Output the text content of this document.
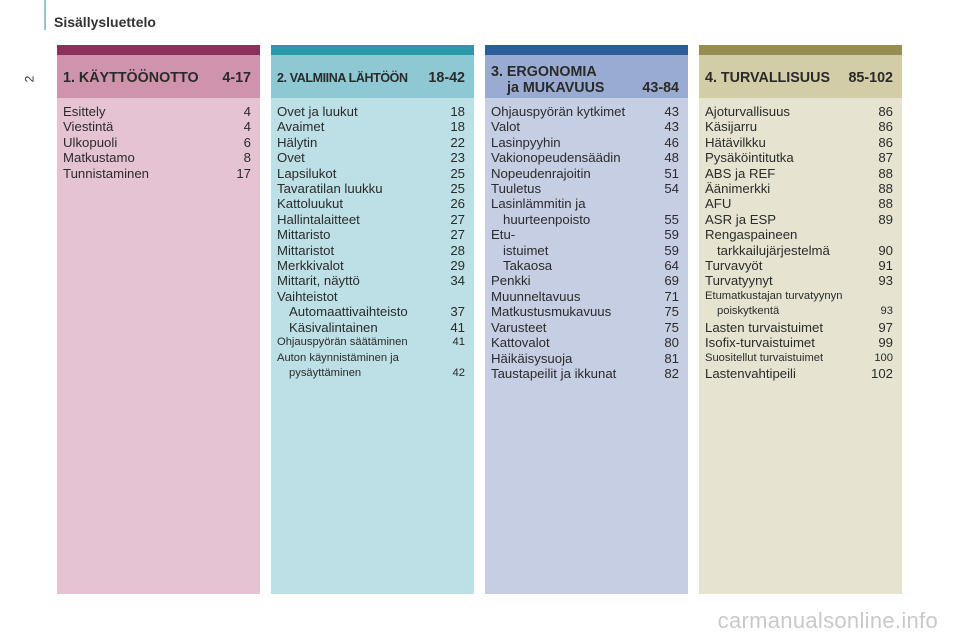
Sisällysluettelo
2 1. KÄYTTÖÖNOTTO 4-17
Esittely	4
Viestintä	4
Ulkopuoli	6
Matkustamo	8
Tunnistaminen	17
2. VALMIINA LÄHTÖÖN 18-42
Ovet ja luukut	18
Avaimet	18
Hälytin	22
Ovet	23
Lapsilukot	25
Tavaratilan luukku	25
Kattoluukut	26
Hallintalaitteet	27
Mittaristo	27
Mittaristot	28
Merkkivalot	29
Mittarit, näyttö	34
Vaihteistot
Automaattivaihteisto	37
Käsivalintainen	41
Ohjauspyörän säätäminen	41
Auton käynnistäminen ja
pysäyttäminen	42
3. ERGONOMIA
ja MUKAVUUS	43-84
Ohjauspyörän kytkimet	43
Valot	43
Lasinpyyhin	46
Vakionopeudensäädin	48
Nopeudenrajoitin	51
Tuuletus	54
Lasinlämmitin ja
huurteenpoisto	55
Etu-	59
istuimet	59
Takaosa	64
Penkki	69
Muunneltavuus	71
Matkustusmukavuus	75
Varusteet	75
Kattovalot	80
Häikäisysuoja	81
Taustapeilit ja ikkunat	82
4. TURVALLISUUS 85-102
Ajoturvallisuus	86
Käsijarru	86
Hätävilkku	86
Pysäköintitutka	87
ABS ja REF	88
Äänimerkki	88
AFU	88
ASR ja ESP	89
Rengaspaineen
tarkkailujärjestelmä	90
Turvavyöt	91
Turvatyynyt	93
Etumatkustajan turvatyynyn
poiskytkentä	93
Lasten turvaistuimet	97
Isofix-turvaistuimet	99
Suositellut turvaistuimet	100
Lastenvahtipeili	102
carmanualsonline.info
